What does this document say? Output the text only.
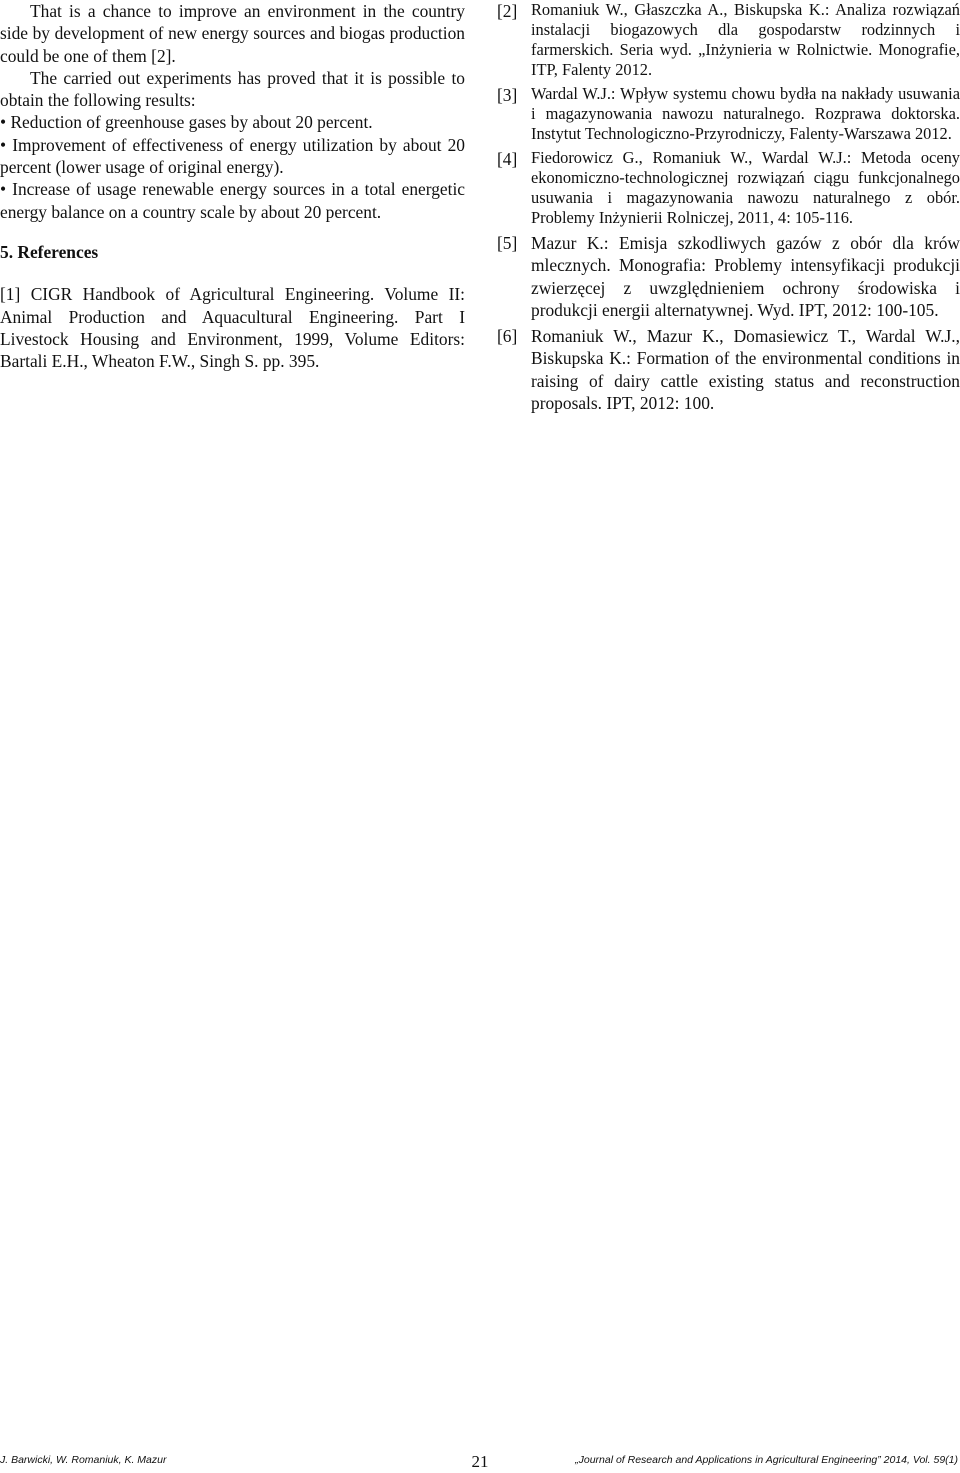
That is a chance to improve an environment in the country side by development of new energy sources and biogas production could be one of them [2].

The carried out experiments has proved that it is possible to obtain the following results:

• Reduction of greenhouse gases by about 20 percent.

• Improvement of effectiveness of energy utilization by about 20 percent (lower usage of original energy).

• Increase of usage renewable energy sources in a total energetic energy balance on a country scale by about 20 percent.

5. References

[1] CIGR Handbook of Agricultural Engineering. Volume II: Animal Production and Aquacultural Engineering. Part I Livestock Housing and Environment, 1999, Volume Editors: Bartali E.H., Wheaton F.W., Singh S. pp. 395.

[2] Romaniuk W., Głaszczka A., Biskupska K.: Analiza rozwiązań instalacji biogazowych dla gospodarstw rodzinnych i farmerskich. Seria wyd. „Inżynieria w Rolnictwie. Monografie, ITP, Falenty 2012.
[3] Wardal W.J.: Wpływ systemu chowu bydła na nakłady usuwania i magazynowania nawozu naturalnego. Rozprawa doktorska. Instytut Technologiczno-Przyrodniczy, Falenty-Warszawa 2012.
[4] Fiedorowicz G., Romaniuk W., Wardal W.J.: Metoda oceny ekonomiczno-technologicznej rozwiązań ciągu funkcjonalnego usuwania i magazynowania nawozu naturalnego z obór. Problemy Inżynierii Rolniczej, 2011, 4: 105-116.
[5] Mazur K.: Emisja szkodliwych gazów z obór dla krów mlecznych. Monografia: Problemy intensyfikacji produkcji zwierzęcej z uwzględnieniem ochrony środowiska i produkcji energii alternatywnej. Wyd. IPT, 2012: 100-105.
[6] Romaniuk W., Mazur K., Domasiewicz T., Wardal W.J., Biskupska K.: Formation of the environmental conditions in raising of dairy cattle existing status and reconstruction proposals. IPT, 2012: 100.
J. Barwicki, W. Romaniuk, K. Mazur	21	„Journal of Research and Applications in Agricultural Engineering” 2014, Vol. 59(1)
